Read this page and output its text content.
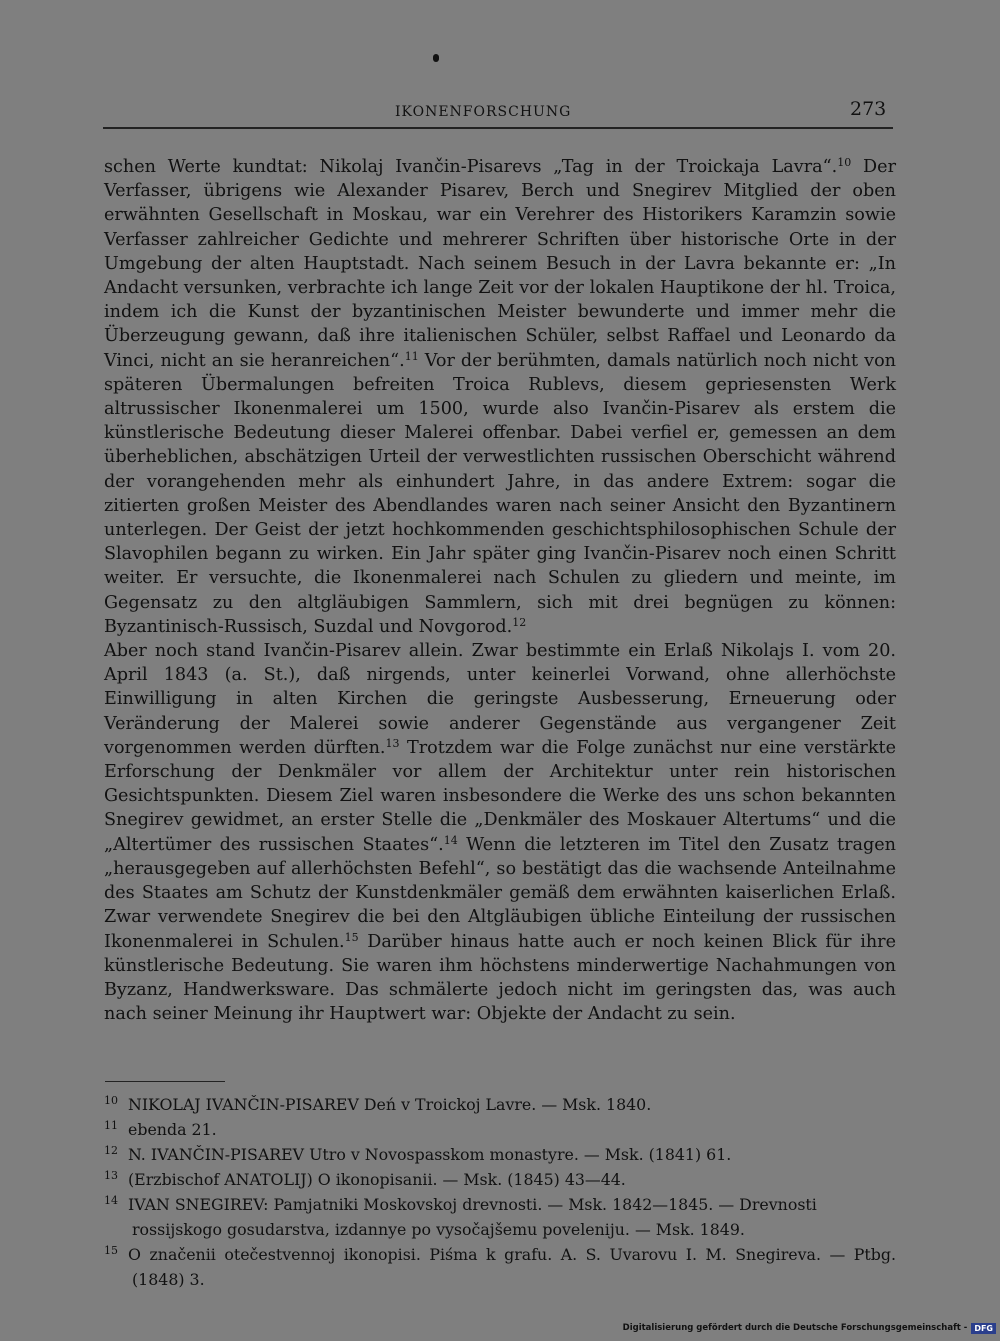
IKONENFORSCHUNG	273

schen Werte kundtat: Nikolaj Ivančin-Pisarevs „Tag in der Troickaja Lavra“.$^{10}$ Der Verfasser, übrigens wie Alexander Pisarev, Berch und Snegirev Mitglied der oben erwähnten Gesellschaft in Moskau, war ein Verehrer des Historikers Karamzin sowie Verfasser zahlreicher Gedichte und mehrerer Schriften über historische Orte in der Umgebung der alten Hauptstadt. Nach seinem Besuch in der Lavra bekannte er: „In Andacht versunken, verbrachte ich lange Zeit vor der lokalen Hauptikone der hl. Troica, indem ich die Kunst der byzantinischen Meister bewunderte und immer mehr die Überzeugung gewann, daß ihre italienischen Schüler, selbst Raffael und Leonardo da Vinci, nicht an sie heranreichen“.$^{11}$ Vor der berühmten, damals natürlich noch nicht von späteren Übermalungen befreiten Troica Rublevs, diesem gepriesensten Werk altrussischer Ikonenmalerei um 1500, wurde also Ivančin-Pisarev als erstem die künstlerische Bedeutung dieser Malerei offenbar. Dabei verfiel er, gemessen an dem überheblichen, abschätzigen Urteil der verwestlichten russischen Oberschicht während der vorangehenden mehr als einhundert Jahre, in das andere Extrem: sogar die zitierten großen Meister des Abendlandes waren nach seiner Ansicht den Byzantinern unterlegen. Der Geist der jetzt hochkommenden geschichtsphilosophischen Schule der Slavophilen begann zu wirken. Ein Jahr später ging Ivančin-Pisarev noch einen Schritt weiter. Er versuchte, die Ikonenmalerei nach Schulen zu gliedern und meinte, im Gegensatz zu den altgläubigen Sammlern, sich mit drei begnügen zu können: Byzantinisch-Russisch, Suzdal und Novgorod.$^{12}$

Aber noch stand Ivančin-Pisarev allein. Zwar bestimmte ein Erlaß Nikolajs I. vom 20. April 1843 (a. St.), daß nirgends, unter keinerlei Vorwand, ohne allerhöchste Einwilligung in alten Kirchen die geringste Ausbesserung, Erneuerung oder Veränderung der Malerei sowie anderer Gegenstände aus vergangener Zeit vorgenommen werden dürften.$^{13}$ Trotzdem war die Folge zunächst nur eine verstärkte Erforschung der Denkmäler vor allem der Architektur unter rein historischen Gesichtspunkten. Diesem Ziel waren insbesondere die Werke des uns schon bekannten Snegirev gewidmet, an erster Stelle die „Denkmäler des Moskauer Altertums“ und die „Altertümer des russischen Staates“.$^{14}$ Wenn die letzteren im Titel den Zusatz tragen „herausgegeben auf allerhöchsten Befehl“, so bestätigt das die wachsende Anteilnahme des Staates am Schutz der Kunstdenkmäler gemäß dem erwähnten kaiserlichen Erlaß. Zwar verwendete Snegirev die bei den Altgläubigen übliche Einteilung der russischen Ikonenmalerei in Schulen.$^{15}$ Darüber hinaus hatte auch er noch keinen Blick für ihre künstlerische Bedeutung. Sie waren ihm höchstens minderwertige Nachahmungen von Byzanz, Handwerksware. Das schmälerte jedoch nicht im geringsten das, was auch nach seiner Meinung ihr Hauptwert war: Objekte der Andacht zu sein.

$^{10}$ NIKOLAJ IVANČIN-PISAREV Deń v Troickoj Lavre. — Msk. 1840.

$^{11}$ ebenda 21.

$^{12}$ N. IVANČIN-PISAREV Utro v Novospasskom monastyre. — Msk. (1841) 61.

$^{13}$ (Erzbischof ANATOLIJ) O ikonopisanii. — Msk. (1845) 43—44.

$^{14}$ IVAN SNEGIREV: Pamjatniki Moskovskoj drevnosti. — Msk. 1842—1845. — Drevnosti rossijskogo gosudarstva, izdannye po vysočajšemu poveleniju. — Msk. 1849.

$^{15}$ O značenii otečestvennoj ikonopisi. Piśma k grafu. A. S. Uvarovu I. M. Snegireva. — Ptbg. (1848) 3.

Digitalisierung gefördert durch die Deutsche Forschungsgemeinschaft - DFG
